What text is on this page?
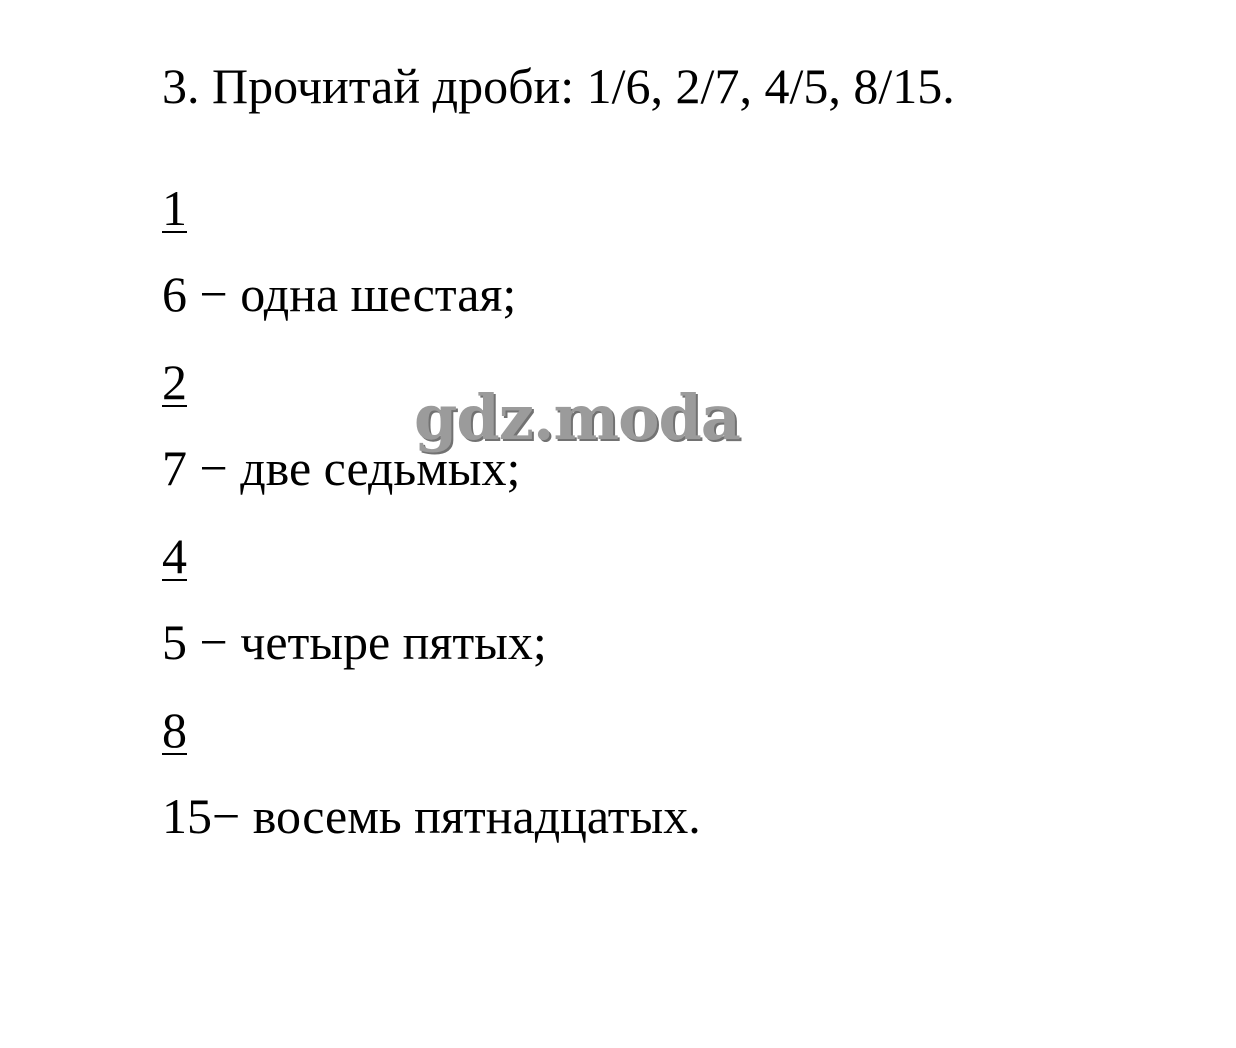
3. Прочитай дроби: 1/6, 2/7, 4/5, 8/15.
1
6 − одна шестая;
2
7 − две седьмых;
4
5 − четыре пятых;
8
15− восемь пятнадцатых.
gdz.moda
